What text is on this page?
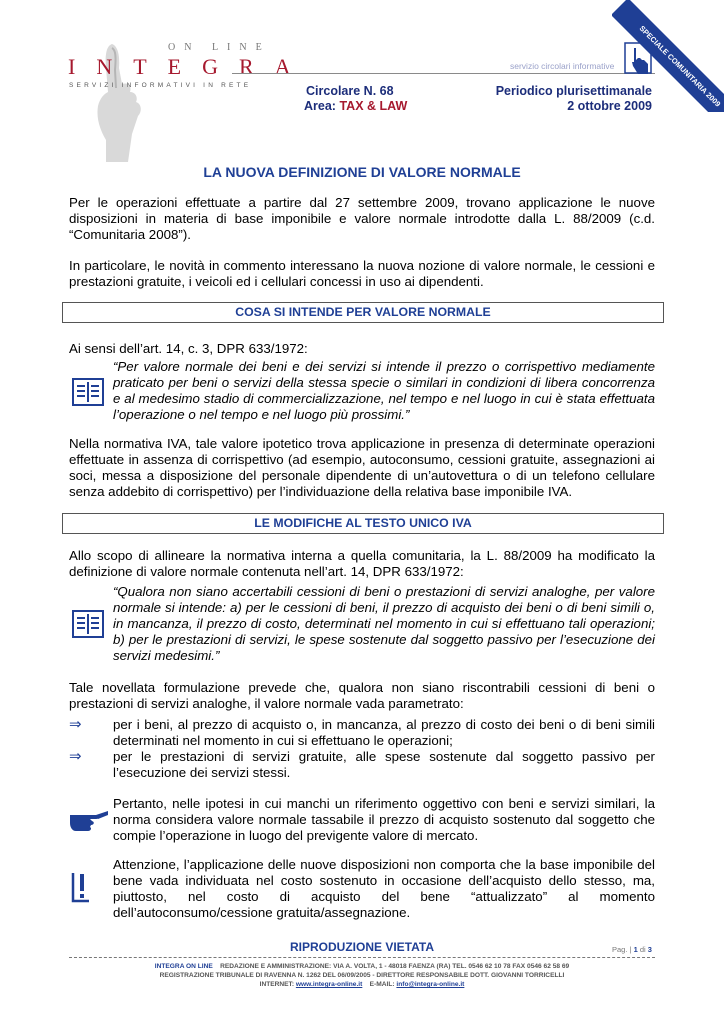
ON LINE
INTEGRA
SERVIZI INFORMATIVI IN RETE
servizio circolari informative	SPECIALE COMUNITARIA 2009
Circolare N. 68
Area: TAX & LAW
Periodico plurisettimanale
2 ottobre 2009
LA NUOVA DEFINIZIONE DI VALORE NORMALE

Per le operazioni effettuate a partire dal 27 settembre 2009, trovano applicazione le nuove disposizioni in materia di base imponibile e valore normale introdotte dalla L. 88/2009 (c.d. “Comunitaria 2008”).

In particolare, le novità in commento interessano la nuova nozione di valore normale, le cessioni e prestazioni gratuite, i veicoli ed i cellulari concessi in uso ai dipendenti.

COSA SI INTENDE PER VALORE NORMALE

Ai sensi dell’art. 14, c. 3, DPR 633/1972:

“Per valore normale dei beni e dei servizi si intende il prezzo o corrispettivo mediamente praticato per beni o servizi della stessa specie o similari in condizioni di libera concorrenza e al medesimo stadio di commercializzazione, nel tempo e nel luogo in cui è stata effettuata l’operazione o nel tempo e nel luogo più prossimi.”

Nella normativa IVA, tale valore ipotetico trova applicazione in presenza di determinate operazioni effettuate in assenza di corrispettivo (ad esempio, autoconsumo, cessioni gratuite, assegnazioni ai soci, messa a disposizione del personale dipendente di un’autovettura o di un telefono cellulare senza addebito di corrispettivo) per l’individuazione della relativa base imponibile IVA.

LE MODIFICHE AL TESTO UNICO IVA

Allo scopo di allineare la normativa interna a quella comunitaria, la L. 88/2009 ha modificato la definizione di valore normale contenuta nell’art. 14, DPR 633/1972:

“Qualora non siano accertabili cessioni di beni o prestazioni di servizi analoghe, per valore normale si intende: a) per le cessioni di beni, il prezzo di acquisto dei beni o di beni simili o, in mancanza, il prezzo di costo, determinati nel momento in cui si effettuano tali operazioni; b) per le prestazioni di servizi, le spese sostenute dal soggetto passivo per l’esecuzione dei servizi medesimi.”

Tale novellata formulazione prevede che, qualora non siano riscontrabili cessioni di beni o prestazioni di servizi analoghe, il valore normale vada parametrato:

⇒ per i beni, al prezzo di acquisto o, in mancanza, al prezzo di costo dei beni o di beni simili determinati nel momento in cui si effettuano le operazioni;

⇒ per le prestazioni di servizi gratuite, alle spese sostenute dal soggetto passivo per l’esecuzione dei servizi stessi.

Pertanto, nelle ipotesi in cui manchi un riferimento oggettivo con beni e servizi similari, la norma considera valore normale tassabile il prezzo di acquisto sostenuto dal soggetto che compie l’operazione in luogo del previgente valore di mercato.

Attenzione, l’applicazione delle nuove disposizioni non comporta che la base imponibile del bene vada individuata nel costo sostenuto in occasione dell’acquisto dello stesso, ma, piuttosto, nel costo di acquisto del bene “attualizzato” al momento dell’autoconsumo/cessione gratuita/assegnazione.

RIPRODUZIONE VIETATA	Pag. | 1 di 3
INTEGRA ON LINE REDAZIONE E AMMINISTRAZIONE: VIA A. VOLTA, 1 - 48018 FAENZA (RA) TEL. 0546 62 10 78 FAX 0546 62 58 69
REGISTRAZIONE TRIBUNALE DI RAVENNA N. 1262 DEL 06/09/2005 - DIRETTORE RESPONSABILE DOTT. GIOVANNI TORRICELLI
INTERNET: www.integra-online.it E-MAIL: info@integra-online.it
